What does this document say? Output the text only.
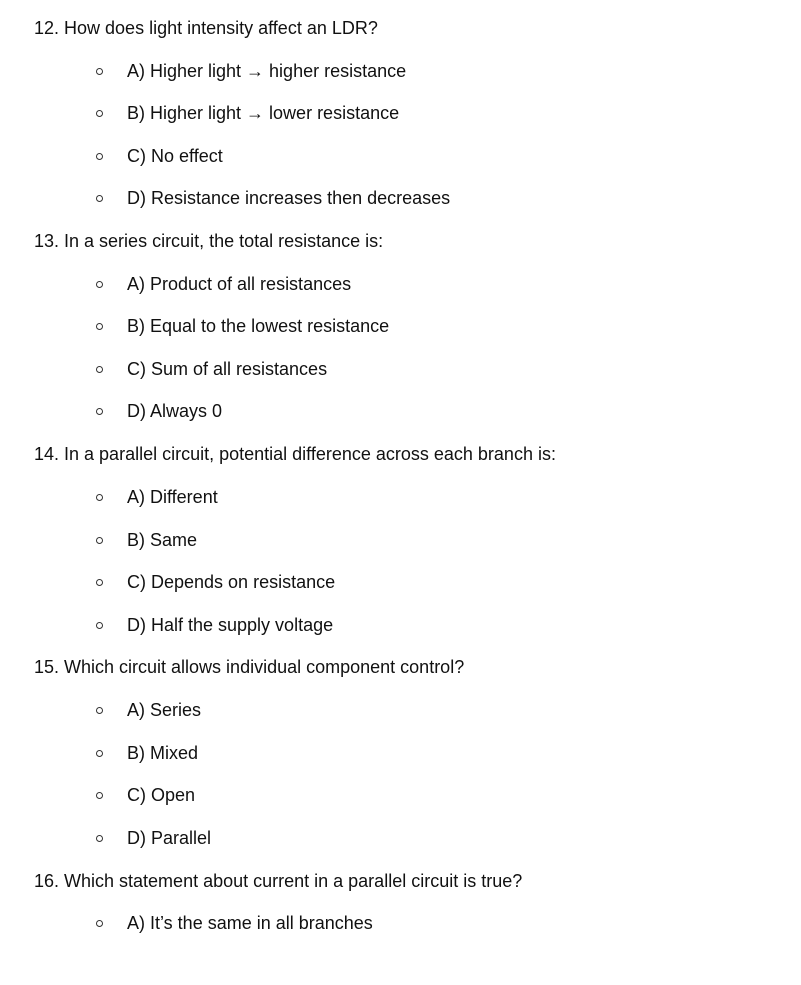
12. How does light intensity affect an LDR?
A) Higher light → higher resistance
B) Higher light → lower resistance
C) No effect
D) Resistance increases then decreases
13. In a series circuit, the total resistance is:
A) Product of all resistances
B) Equal to the lowest resistance
C) Sum of all resistances
D) Always 0
14. In a parallel circuit, potential difference across each branch is:
A) Different
B) Same
C) Depends on resistance
D) Half the supply voltage
15. Which circuit allows individual component control?
A) Series
B) Mixed
C) Open
D) Parallel
16. Which statement about current in a parallel circuit is true?
A) It’s the same in all branches
